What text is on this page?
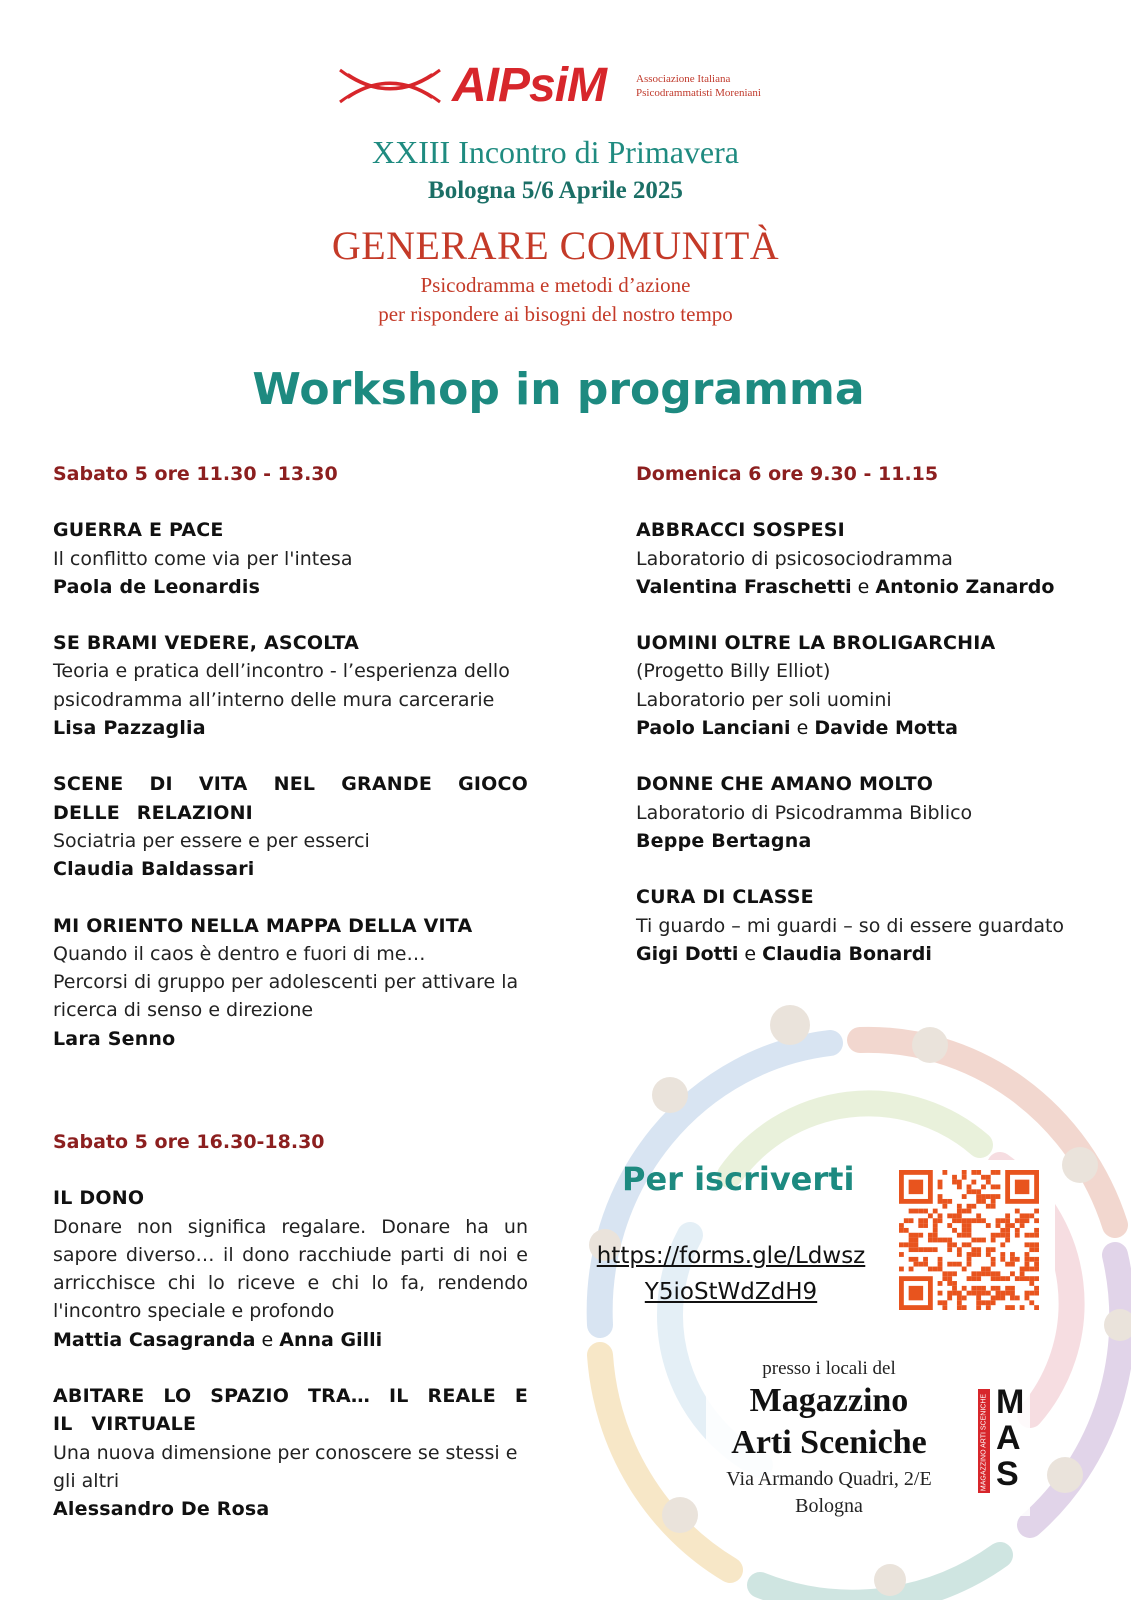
AIPsiM	Associazione Italiana
Psicodrammatisti Moreniani
XXIII Incontro di Primavera
Bologna 5/6 Aprile 2025
GENERARE COMUNITÀ
Psicodramma e metodi d’azione
per rispondere ai bisogni del nostro tempo
Workshop in programma
Sabato 5 ore 11.30 - 13.30
GUERRA E PACE
Il conflitto come via per l'intesa
Paola de Leonardis
SE BRAMI VEDERE, ASCOLTA
Teoria e pratica dell’incontro - l’esperienza dello psicodramma all’interno delle mura carcerarie
Lisa Pazzaglia
SCENE DI VITA NEL GRANDE GIOCO DELLE RELAZIONI
Sociatria per essere e per esserci
Claudia Baldassari
MI ORIENTO NELLA MAPPA DELLA VITA
Quando il caos è dentro e fuori di me…
Percorsi di gruppo per adolescenti per attivare la ricerca di senso e direzione
Lara Senno
Sabato 5 ore 16.30-18.30
IL DONO
Donare non significa regalare. Donare ha un sapore diverso… il dono racchiude parti di noi e arricchisce chi lo riceve e chi lo fa, rendendo l'incontro speciale e profondo
Mattia Casagranda e Anna Gilli
ABITARE LO SPAZIO TRA… IL REALE E IL VIRTUALE
Una nuova dimensione per conoscere se stessi e gli altri
Alessandro De Rosa
Domenica 6 ore 9.30 - 11.15
ABBRACCI SOSPESI
Laboratorio di psicosociodramma
Valentina Fraschetti e Antonio Zanardo
UOMINI OLTRE LA BROLIGARCHIA
(Progetto Billy Elliot)
Laboratorio per soli uomini
Paolo Lanciani e Davide Motta
DONNE CHE AMANO MOLTO
Laboratorio di Psicodramma Biblico
Beppe Bertagna
CURA DI CLASSE
Ti guardo – mi guardi – so di essere guardato
Gigi Dotti e Claudia Bonardi
Per iscriverti
https://forms.gle/Ldwsz
Y5ioStWdZdH9
presso i locali del
Magazzino
Arti Sceniche
Via Armando Quadri, 2/E
Bologna
MAGAZZINO ARTI SCENICHE M
A
S
